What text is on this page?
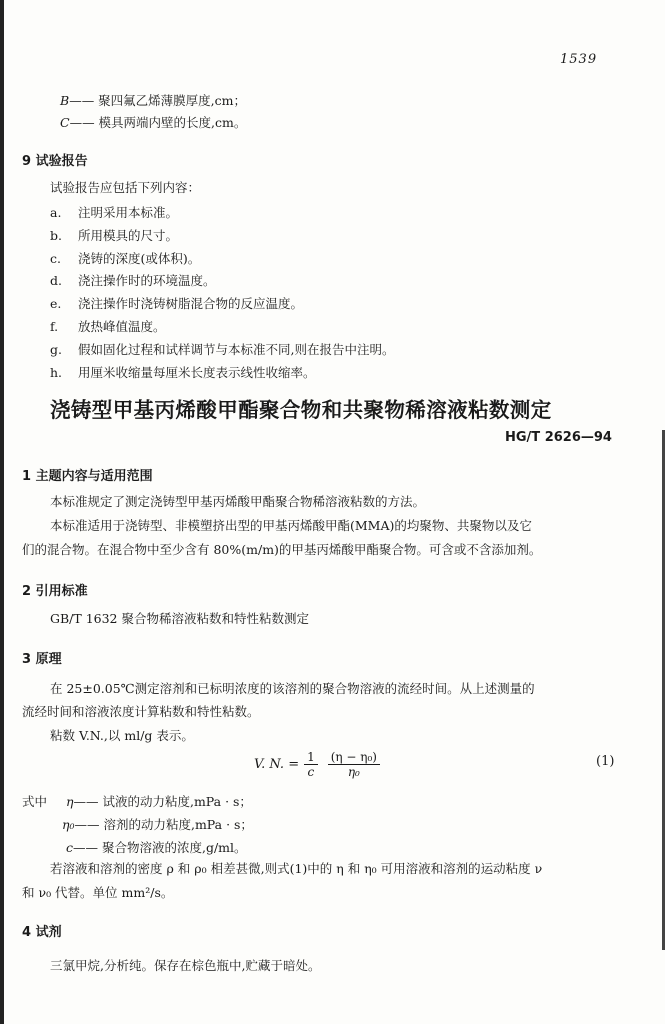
1539
B—— 聚四氟乙烯薄膜厚度,cm；
C—— 模具两端内壁的长度,cm。
9 试验报告
试验报告应包括下列内容：
a. 注明采用本标准。
b. 所用模具的尺寸。
c. 浇铸的深度(或体积)。
d. 浇注操作时的环境温度。
e. 浇注操作时浇铸树脂混合物的反应温度。
f. 放热峰值温度。
g. 假如固化过程和试样调节与本标准不同,则在报告中注明。
h. 用厘米收缩量每厘米长度表示线性收缩率。
浇铸型甲基丙烯酸甲酯聚合物和共聚物稀溶液粘数测定
HG/T 2626—94
1 主题内容与适用范围
本标准规定了测定浇铸型甲基丙烯酸甲酯聚合物稀溶液粘数的方法。
本标准适用于浇铸型、非模塑挤出型的甲基丙烯酸甲酯(MMA)的均聚物、共聚物以及它
们的混合物。在混合物中至少含有 80%(m/m)的甲基丙烯酸甲酯聚合物。可含或不含添加剂。
2 引用标准
GB/T 1632 聚合物稀溶液粘数和特性粘数测定
3 原理
在 25±0.05℃测定溶剂和已标明浓度的该溶剂的聚合物溶液的流经时间。从上述测量的
流经时间和溶液浓度计算粘数和特性粘数。
粘数 V.N.,以 ml/g 表示。
V. N. = $\frac{1}{c} \frac{\text{(η − η₀)}}{\text{η₀}}$	(1)
式中 η—— 试液的动力粘度,mPa · s；
η₀—— 溶剂的动力粘度,mPa · s；
c—— 聚合物溶液的浓度,g/ml。
若溶液和溶剂的密度 ρ 和 ρ₀ 相差甚微,则式(1)中的 η 和 η₀ 可用溶液和溶剂的运动粘度 ν
和 ν₀ 代替。单位 mm²/s。
4 试剂
三氯甲烷,分析纯。保存在棕色瓶中,贮藏于暗处。
